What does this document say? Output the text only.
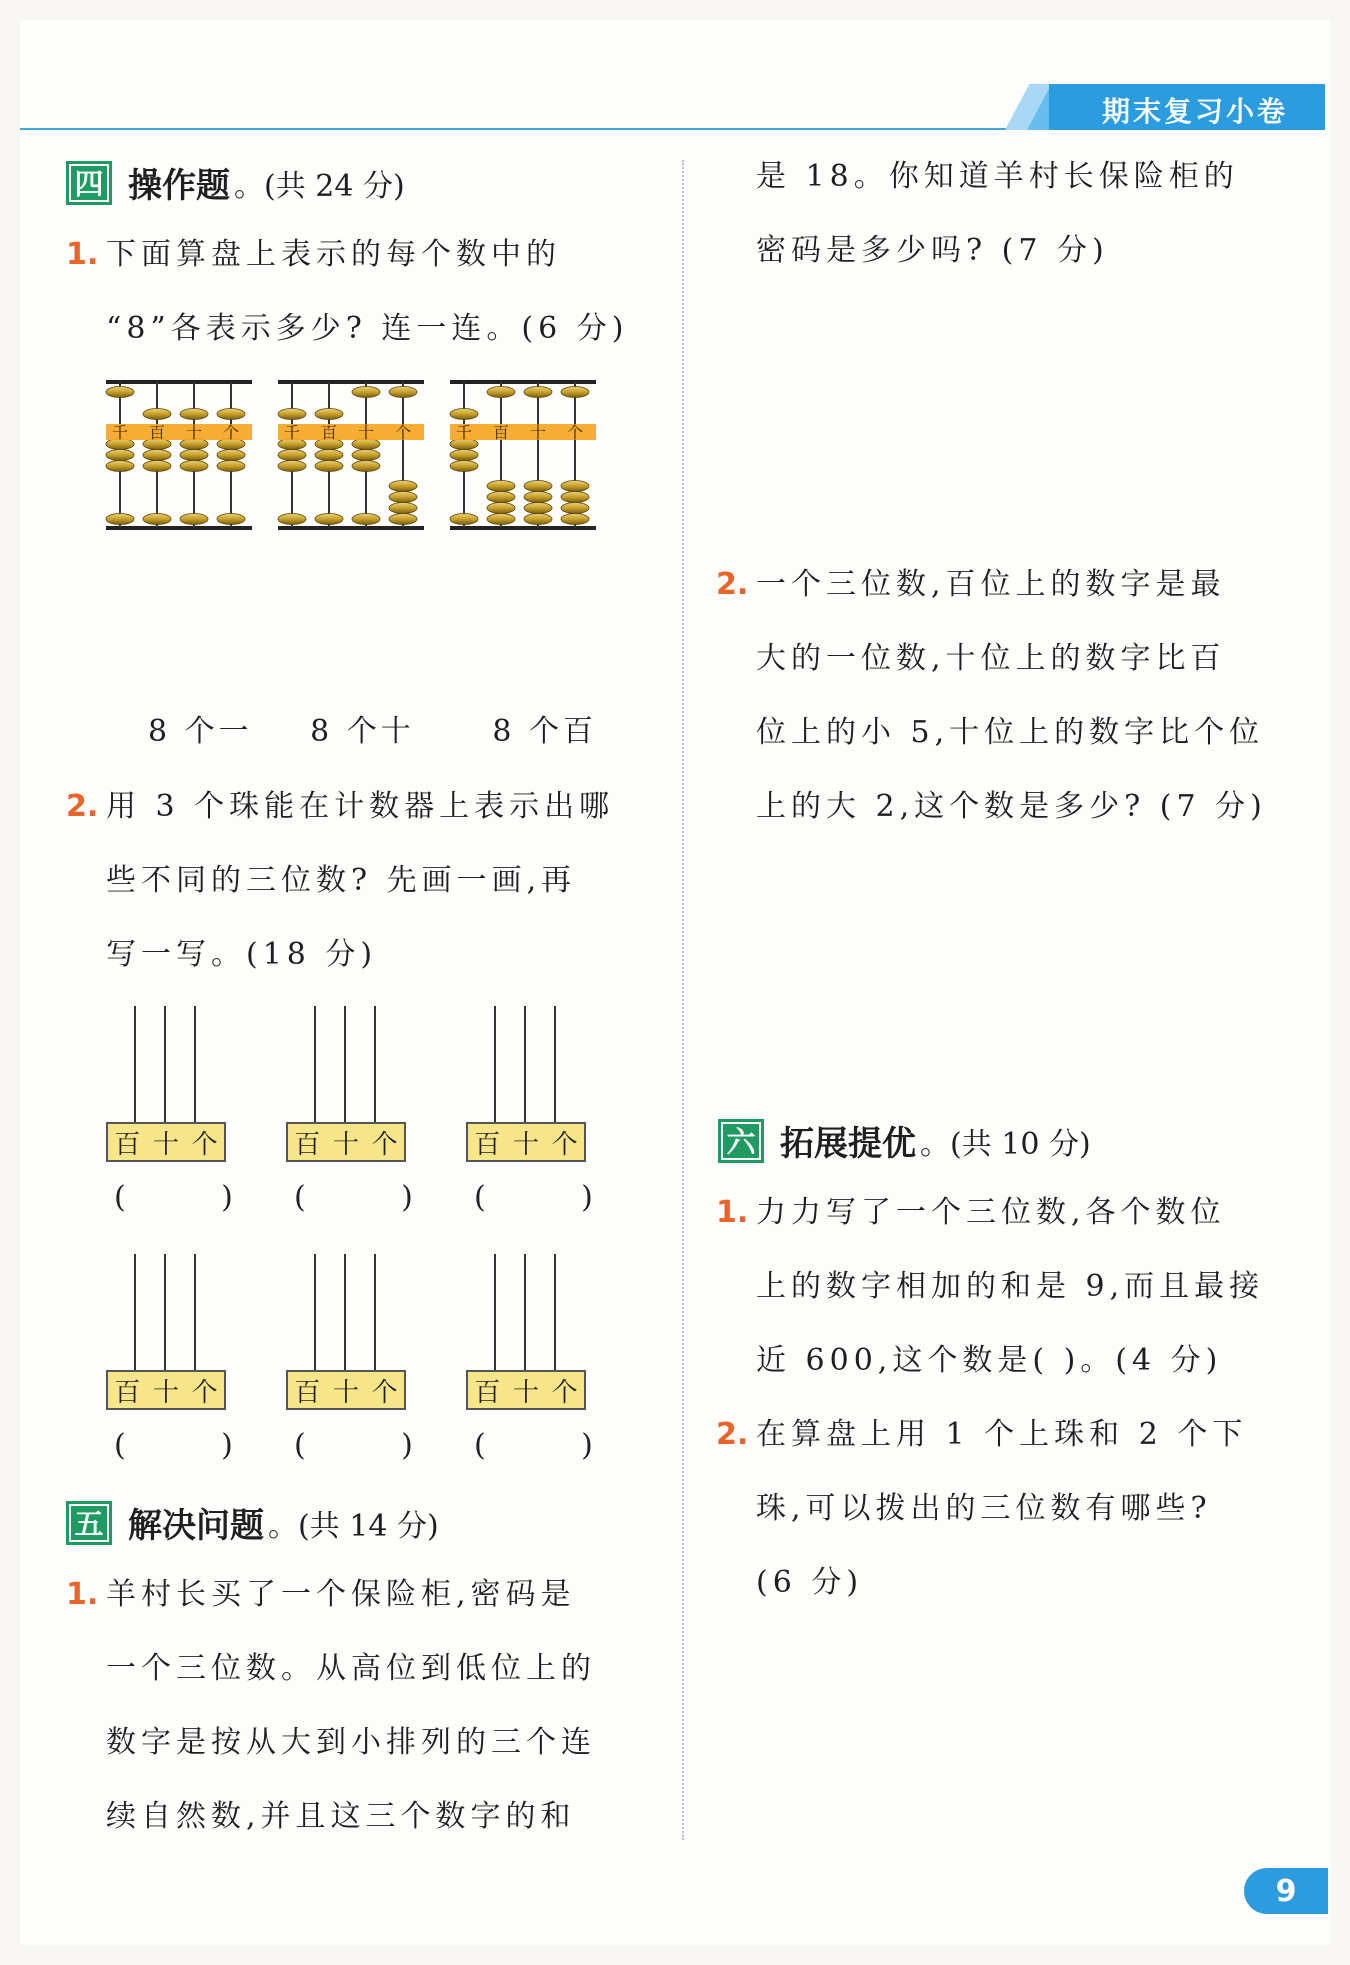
期末复习小卷
四 操作题 。(共 24 分)
1. 下面算盘上表示的每个数中的
“8”各表示多少? 连一连。(6 分)
千 百 十 个	千 百 十 个	千 百 十 个
8 个一 8 个十	8 个百
2. 用 3 个珠能在计数器上表示出哪
些不同的三位数? 先画一画,再
写一写。(18 分)
百 十 个
(          )
百 十 个
(          )
百 十 个
(          )
百 十 个
(          )
百 十 个
(          )
百 十 个
(          )
五 解决问题 。(共 14 分)
1. 羊村长买了一个保险柜,密码是
一个三位数。从高位到低位上的
数字是按从大到小排列的三个连
续自然数,并且这三个数字的和
是 18。你知道羊村长保险柜的
密码是多少吗? (7 分)
2. 一个三位数,百位上的数字是最
大的一位数,十位上的数字比百
位上的小 5,十位上的数字比个位
上的大 2,这个数是多少? (7 分)
六 拓展提优 。(共 10 分)
1. 力力写了一个三位数,各个数位
上的数字相加的和是 9,而且最接
近 600,这个数是( )。(4 分)
2. 在算盘上用 1 个上珠和 2 个下
珠,可以拨出的三位数有哪些?
(6 分)
9
